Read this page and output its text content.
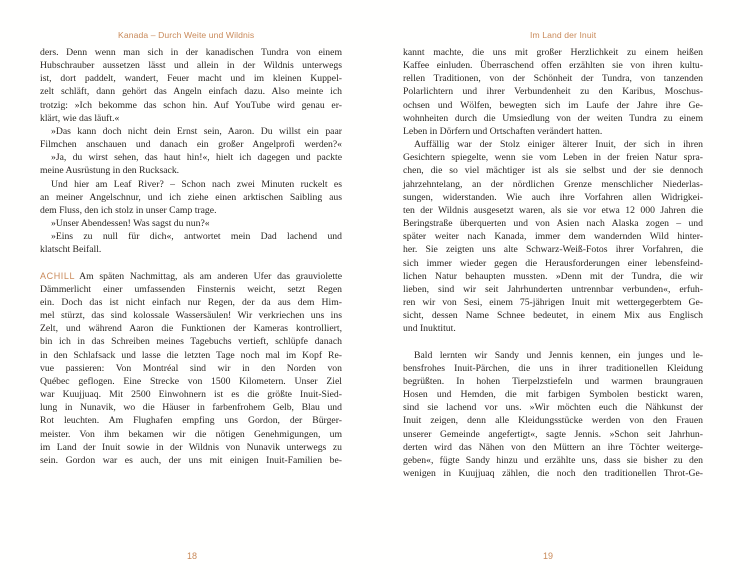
Kanada – Durch Weite und Wildnis
ders. Denn wenn man sich in der kanadischen Tundra von einem
Hubschrauber aussetzen lässt und allein in der Wildnis unterwegs
ist, dort paddelt, wandert, Feuer macht und im kleinen Kuppel-
zelt schläft, dann gehört das Angeln einfach dazu. Also meinte ich
trotzig: »Ich bekomme das schon hin. Auf YouTube wird genau er-
klärt, wie das läuft.«
»Das kann doch nicht dein Ernst sein, Aaron. Du willst ein paar
Filmchen anschauen und danach ein großer Angelprofi werden?«
»Ja, du wirst sehen, das haut hin!«, hielt ich dagegen und packte
meine Ausrüstung in den Rucksack.
Und hier am Leaf River? – Schon nach zwei Minuten ruckelt es
an meiner Angelschnur, und ich ziehe einen arktischen Saibling aus
dem Fluss, den ich stolz in unser Camp trage.
»Unser Abendessen! Was sagst du nun?«
»Eins zu null für dich«, antwortet mein Dad lachend und
klatscht Beifall.
ACHILL Am späten Nachmittag, als am anderen Ufer das grauviolette
Dämmerlicht einer umfassenden Finsternis weicht, setzt Regen
ein. Doch das ist nicht einfach nur Regen, der da aus dem Him-
mel stürzt, das sind kolossale Wassersäulen! Wir verkriechen uns ins
Zelt, und während Aaron die Funktionen der Kameras kontrolliert,
bin ich in das Schreiben meines Tagebuchs vertieft, schlüpfe danach
in den Schlafsack und lasse die letzten Tage noch mal im Kopf Re-
vue passieren: Von Montréal sind wir in den Norden von
Québec geflogen. Eine Strecke von 1500 Kilometern. Unser Ziel
war Kuujjuaq. Mit 2500 Einwohnern ist es die größte Inuit-Sied-
lung in Nunavik, wo die Häuser in farbenfrohem Gelb, Blau und
Rot leuchten. Am Flughafen empfing uns Gordon, der Bürger-
meister. Von ihm bekamen wir die nötigen Genehmigungen, um
im Land der Inuit sowie in der Wildnis von Nunavik unterwegs zu
sein. Gordon war es auch, der uns mit einigen Inuit-Familien be-
18
Im Land der Inuit
kannt machte, die uns mit großer Herzlichkeit zu einem heißen
Kaffee einluden. Überraschend offen erzählten sie von ihren kultu-
rellen Traditionen, von der Schönheit der Tundra, von tanzenden
Polarlichtern und ihrer Verbundenheit zu den Karibus, Moschus-
ochsen und Wölfen, bewegten sich im Laufe der Jahre ihre Ge-
wohnheiten durch die Umsiedlung von der weiten Tundra zu einem
Leben in Dörfern und Ortschaften verändert hatten.
Auffällig war der Stolz einiger älterer Inuit, der sich in ihren
Gesichtern spiegelte, wenn sie vom Leben in der freien Natur spra-
chen, die so viel mächtiger ist als sie selbst und der sie dennoch
jahrzehntelang, an der nördlichen Grenze menschlicher Niederlas-
sungen, widerstanden. Wie auch ihre Vorfahren allen Widrigkei-
ten der Wildnis ausgesetzt waren, als sie vor etwa 12 000 Jahren die
Beringstraße überquerten und von Asien nach Alaska zogen – und
später weiter nach Kanada, immer dem wandernden Wild hinter-
her. Sie zeigten uns alte Schwarz-Weiß-Fotos ihrer Vorfahren, die
sich immer wieder gegen die Herausforderungen einer lebensfeind-
lichen Natur behaupten mussten. »Denn mit der Tundra, die wir
lieben, sind wir seit Jahrhunderten untrennbar verbunden«, erfuh-
ren wir von Sesi, einem 75-jährigen Inuit mit wettergegerbtem Ge-
sicht, dessen Name Schnee bedeutet, in einem Mix aus Englisch
und Inuktitut.
Bald lernten wir Sandy und Jennis kennen, ein junges und le-
bensfrohes Inuit-Pärchen, die uns in ihrer traditionellen Kleidung
begrüßten. In hohen Tierpelzstiefeln und warmen braungrauen
Hosen und Hemden, die mit farbigen Symbolen bestickt waren,
sind sie lachend vor uns. »Wir möchten euch die Nähkunst der
Inuit zeigen, denn alle Kleidungsstücke werden von den Frauen
unserer Gemeinde angefertigt«, sagte Jennis. »Schon seit Jahrhun-
derten wird das Nähen von den Müttern an ihre Töchter weiterge-
geben«, fügte Sandy hinzu und erzählte uns, dass sie bisher zu den
wenigen in Kuujjuaq zählen, die noch den traditionellen Throt-Ge-
19
